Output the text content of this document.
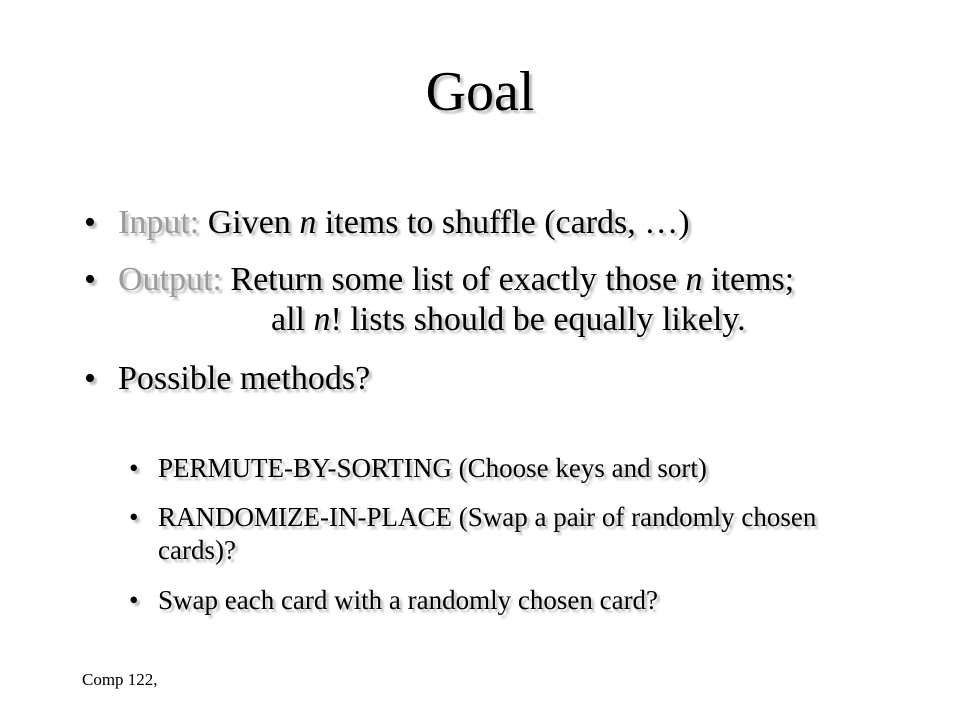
Goal
• Input: Given n items to shuffle (cards, …)
• Output: Return some list of exactly those n items;
all n! lists should be equally likely.
• Possible methods?
• PERMUTE-BY-SORTING (Choose keys and sort)
• RANDOMIZE-IN-PLACE (Swap a pair of randomly chosen cards)?
• Swap each card with a randomly chosen card?
Comp 122,
